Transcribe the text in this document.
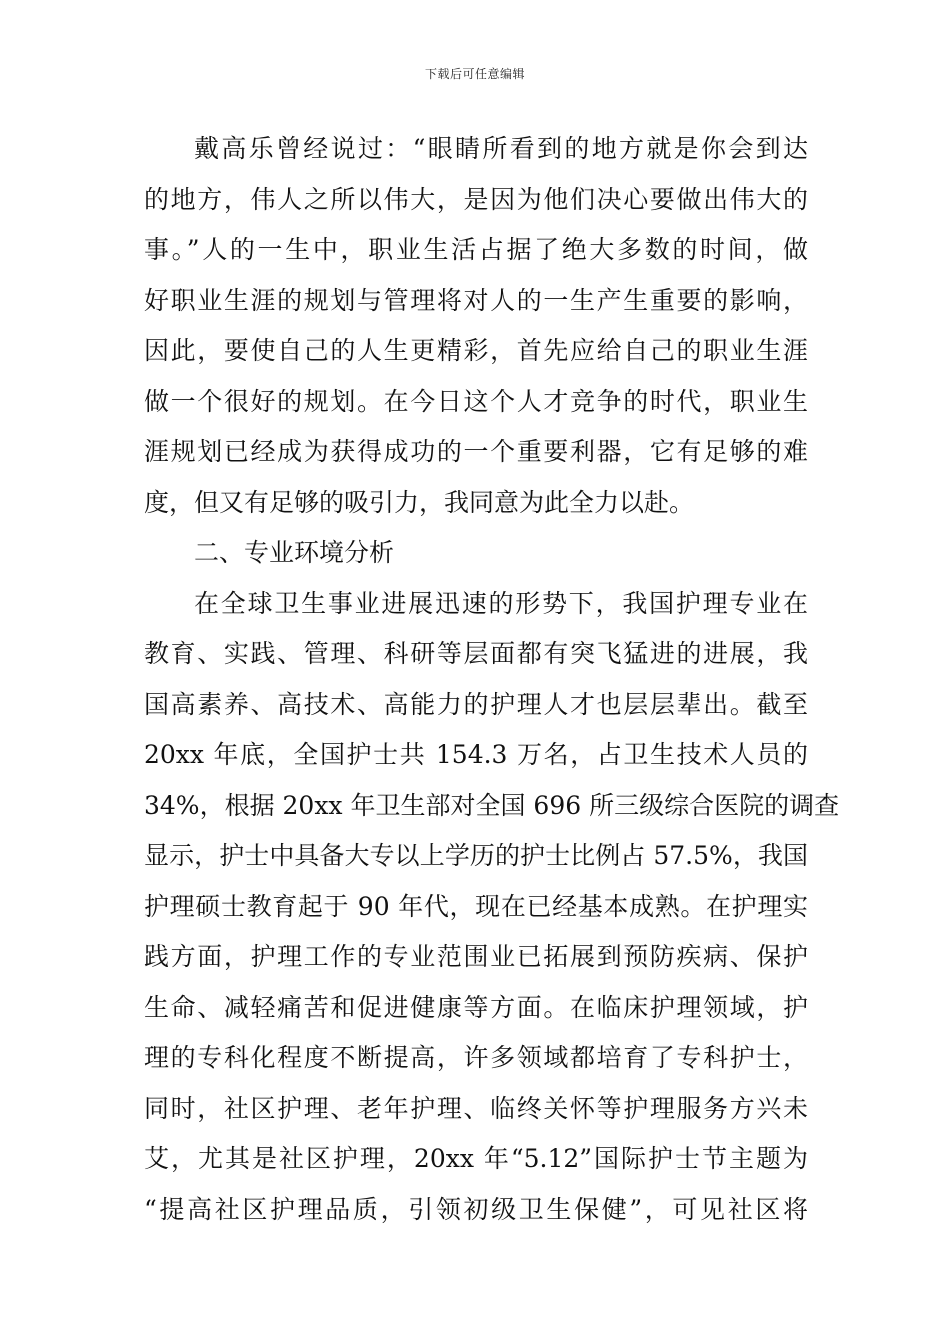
下载后可任意编辑
戴高乐曾经说过：“眼睛所看到的地方就是你会到达
的地方，伟人之所以伟大，是因为他们决心要做出伟大的
事。”人的一生中，职业生活占据了绝大多数的时间，做
好职业生涯的规划与管理将对人的一生产生重要的影响，
因此，要使自己的人生更精彩，首先应给自己的职业生涯
做一个很好的规划。在今日这个人才竞争的时代，职业生
涯规划已经成为获得成功的一个重要利器，它有足够的难
度，但又有足够的吸引力，我同意为此全力以赴。
二、专业环境分析
在全球卫生事业进展迅速的形势下，我国护理专业在
教育、实践、管理、科研等层面都有突飞猛进的进展，我
国高素养、高技术、高能力的护理人才也层层辈出。截至
20xx 年底，全国护士共 154.3 万名，占卫生技术人员的
34%，根据 20xx 年卫生部对全国 696 所三级综合医院的调查
显示，护士中具备大专以上学历的护士比例占 57.5%，我国
护理硕士教育起于 90 年代，现在已经基本成熟。在护理实
践方面，护理工作的专业范围业已拓展到预防疾病、保护
生命、减轻痛苦和促进健康等方面。在临床护理领域，护
理的专科化程度不断提高，许多领域都培育了专科护士，
同时，社区护理、老年护理、临终关怀等护理服务方兴未
艾，尤其是社区护理，20xx 年“5.12”国际护士节主题为
“提高社区护理品质，引领初级卫生保健”，可见社区将
